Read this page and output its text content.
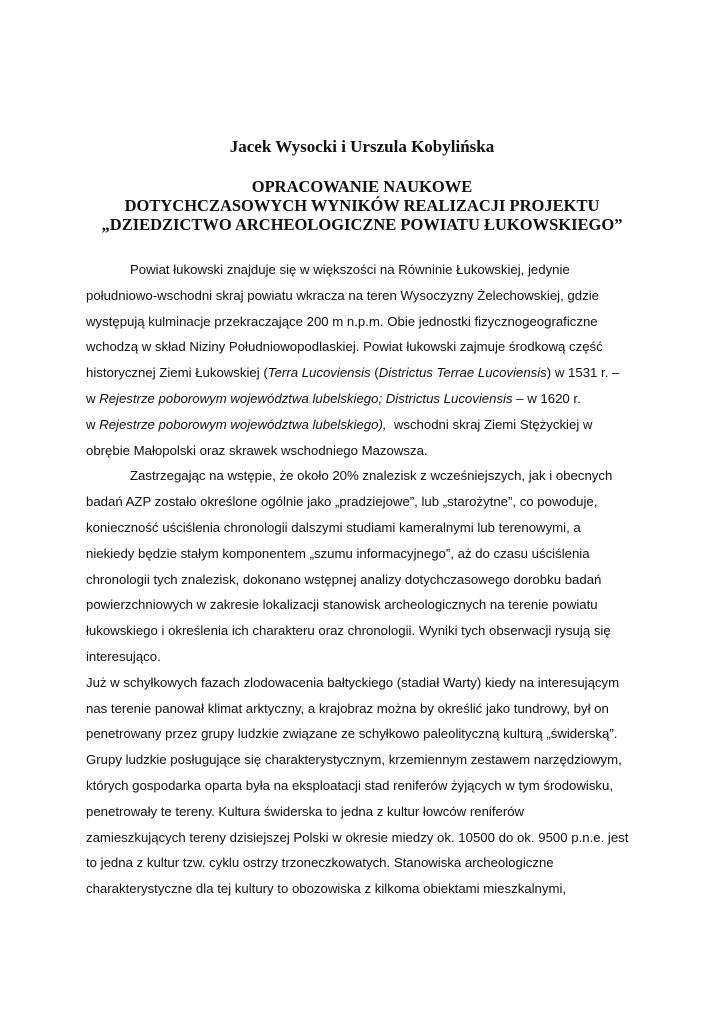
Jacek Wysocki i Urszula Kobylińska
OPRACOWANIE NAUKOWE
DOTYCHCZASOWYCH WYNIKÓW REALIZACJI PROJEKTU
„DZIEDZICTWO ARCHEOLOGICZNE POWIATU ŁUKOWSKIEGO”
Powiat łukowski znajduje się w większości na Równinie Łukowskiej, jedynie
południowo-wschodni skraj powiatu wkracza na teren Wysoczyzny Żelechowskiej, gdzie
występują kulminacje przekraczające 200 m n.p.m. Obie jednostki fizycznogeograficzne
wchodzą w skład Niziny Południowopodlaskiej. Powiat łukowski zajmuje środkową część
historycznej Ziemi Łukowskiej (Terra Lucoviensis (Districtus Terrae Lucoviensis) w 1531 r. –
w Rejestrze poborowym województwa lubelskiego; Districtus Lucoviensis – w 1620 r.
w Rejestrze poborowym województwa lubelskiego),  wschodni skraj Ziemi Stężyckiej w
obrębie Małopolski oraz skrawek wschodniego Mazowsza.
Zastrzegając na wstępie, że około 20% znalezisk z wcześniejszych, jak i obecnych
badań AZP zostało określone ogólnie jako „pradziejowe”, lub „starożytne”, co powoduje,
konieczność uściślenia chronologii dalszymi studiami kameralnymi lub terenowymi, a
niekiedy będzie stałym komponentem „szumu informacyjnego”, aż do czasu uściślenia
chronologii tych znalezisk, dokonano wstępnej analizy dotychczasowego dorobku badań
powierzchniowych w zakresie lokalizacji stanowisk archeologicznych na terenie powiatu
łukowskiego i określenia ich charakteru oraz chronologii. Wyniki tych obserwacji rysują się
interesująco.
Już w schyłkowych fazach zlodowacenia bałtyckiego (stadiał Warty) kiedy na interesującym
nas terenie panował klimat arktyczny, a krajobraz można by określić jako tundrowy, był on
penetrowany przez grupy ludzkie związane ze schyłkowo paleolityczną kulturą „świderską”.
Grupy ludzkie posługujące się charakterystycznym, krzemiennym zestawem narzędziowym,
których gospodarka oparta była na eksploatacji stad reniferów żyjących w tym środowisku,
penetrowały te tereny. Kultura świderska to jedna z kultur łowców reniferów
zamieszkujących tereny dzisiejszej Polski w okresie miedzy ok. 10500 do ok. 9500 p.n.e. jest
to jedna z kultur tzw. cyklu ostrzy trzoneczkowatych. Stanowiska archeologiczne
charakterystyczne dla tej kultury to obozowiska z kilkoma obiektami mieszkalnymi,
